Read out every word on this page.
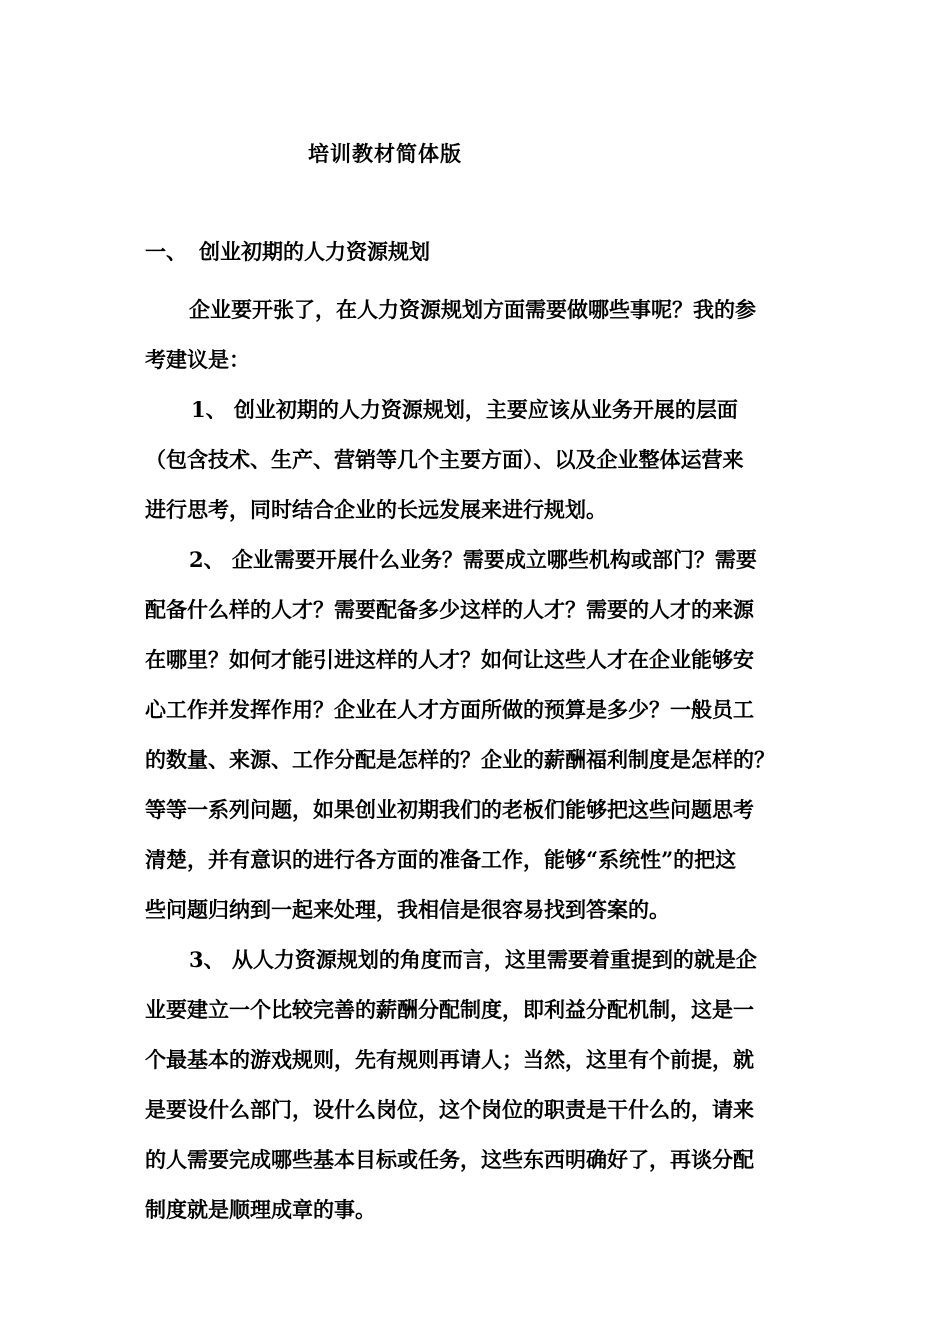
培训教材简体版
一、 创业初期的人力资源规划
企业要开张了，在人力资源规划方面需要做哪些事呢？我的参
考建议是：
1、 创业初期的人力资源规划，主要应该从业务开展的层面
（包含技术、生产、营销等几个主要方面）、以及企业整体运营来
进行思考，同时结合企业的长远发展来进行规划。
2、 企业需要开展什么业务？需要成立哪些机构或部门？需要
配备什么样的人才？需要配备多少这样的人才？需要的人才的来源
在哪里？如何才能引进这样的人才？如何让这些人才在企业能够安
心工作并发挥作用？企业在人才方面所做的预算是多少？一般员工
的数量、来源、工作分配是怎样的？企业的薪酬福利制度是怎样的？
等等一系列问题，如果创业初期我们的老板们能够把这些问题思考
清楚，并有意识的进行各方面的准备工作，能够“系统性”的把这
些问题归纳到一起来处理，我相信是很容易找到答案的。
3、 从人力资源规划的角度而言，这里需要着重提到的就是企
业要建立一个比较完善的薪酬分配制度，即利益分配机制，这是一
个最基本的游戏规则，先有规则再请人；当然，这里有个前提，就
是要设什么部门，设什么岗位，这个岗位的职责是干什么的，请来
的人需要完成哪些基本目标或任务，这些东西明确好了，再谈分配
制度就是顺理成章的事。
